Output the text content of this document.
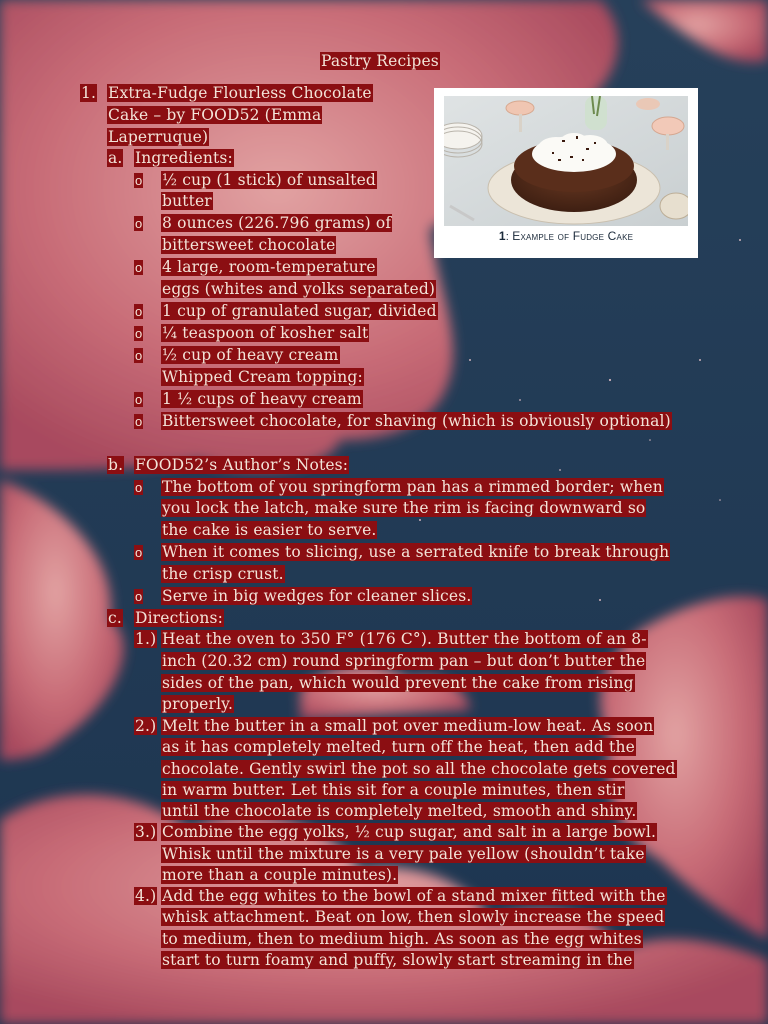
Pastry Recipes
1. Extra-Fudge Flourless Chocolate
Cake – by FOOD52 (Emma
Laperruque)
a. Ingredients:
o ½ cup (1 stick) of unsalted
butter
o 8 ounces (226.796 grams) of
bittersweet chocolate
o 4 large, room-temperature
eggs (whites and yolks separated)
o 1 cup of granulated sugar, divided
o ¼ teaspoon of kosher salt
o ½ cup of heavy cream
Whipped Cream topping:
o 1 ½ cups of heavy cream
o Bittersweet chocolate, for shaving (which is obviously optional)
b. FOOD52’s Author’s Notes:
o The bottom of you springform pan has a rimmed border; when
you lock the latch, make sure the rim is facing downward so
the cake is easier to serve.
o When it comes to slicing, use a serrated knife to break through
the crisp crust.
o Serve in big wedges for cleaner slices.
c. Directions:
1.) Heat the oven to 350 F° (176 C°). Butter the bottom of an 8-
inch (20.32 cm) round springform pan – but don’t butter the
sides of the pan, which would prevent the cake from rising
properly.
2.) Melt the butter in a small pot over medium-low heat. As soon
as it has completely melted, turn off the heat, then add the
chocolate. Gently swirl the pot so all the chocolate gets covered
in warm butter. Let this sit for a couple minutes, then stir
until the chocolate is completely melted, smooth and shiny.
3.) Combine the egg yolks, ½ cup sugar, and salt in a large bowl.
Whisk until the mixture is a very pale yellow (shouldn’t take
more than a couple minutes).
4.) Add the egg whites to the bowl of a stand mixer fitted with the
whisk attachment. Beat on low, then slowly increase the speed
to medium, then to medium high. As soon as the egg whites
start to turn foamy and puffy, slowly start streaming in the
1: Example of Fudge Cake
